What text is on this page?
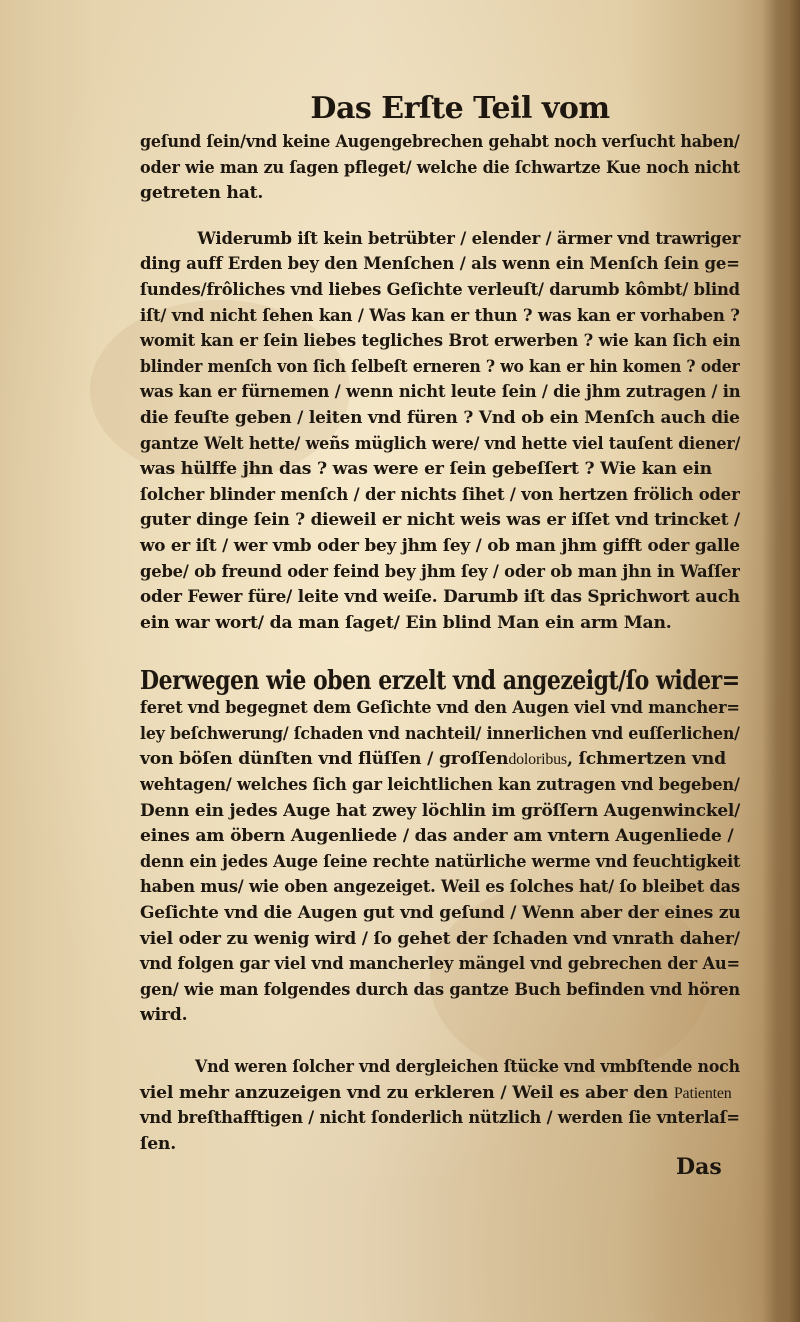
Das Erſte Teil vom

geſund ſein/vnd keine Augengebrechen gehabt noch verſucht haben/
oder wie man zu ſagen pfleget/ welche die ſchwartze Kue noch nicht
getreten hat.

Widerumb iſt kein betrübter / elender / ärmer vnd trawriger
ding auff Erden bey den Menſchen / als wenn ein Menſch ſein ge=
ſundes/frôliches vnd liebes Geſichte verleuſt/ darumb kômbt/ blind
iſt/ vnd nicht ſehen kan / Was kan er thun ? was kan er vorhaben ?
womit kan er ſein liebes tegliches Brot erwerben ? wie kan ſich ein
blinder menſch von ſich ſelbeſt erneren ? wo kan er hin komen ? oder
was kan er fürnemen / wenn nicht leute ſein / die jhm zutragen / in
die feuſte geben / leiten vnd füren ? Vnd ob ein Menſch auch die
gantze Welt hette/ weñs müglich were/ vnd hette viel tauſent diener/
was hülffe jhn das ? was were er ſein gebeſſert ? Wie kan ein
ſolcher blinder menſch / der nichts ſihet / von hertzen frölich oder
guter dinge ſein ? dieweil er nicht weis was er iſſet vnd trincket /
wo er iſt / wer vmb oder bey jhm ſey / ob man jhm gifft oder galle
gebe/ ob freund oder feind bey jhm ſey / oder ob man jhn in Waſſer
oder Fewer füre/ leite vnd weiſe. Darumb iſt das Sprichwort auch
ein war wort/ da man ſaget/ Ein blind Man ein arm Man.

Derwegen wie oben erzelt vnd angezeigt/ſo wider=
feret vnd begegnet dem Geſichte vnd den Augen viel vnd mancher=
ley beſchwerung/ ſchaden vnd nachteil/ innerlichen vnd euſſerlichen/
von böſen dünſten vnd flüſſen / groſſendoloribus, ſchmertzen vnd
wehtagen/ welches ſich gar leichtlichen kan zutragen vnd begeben/
Denn ein jedes Auge hat zwey löchlin im gröſſern Augenwinckel/
eines am öbern Augenliede / das ander am vntern Augenliede /
denn ein jedes Auge ſeine rechte natürliche werme vnd feuchtigkeit
haben mus/ wie oben angezeiget. Weil es ſolches hat/ ſo bleibet das
Geſichte vnd die Augen gut vnd geſund / Wenn aber der eines zu
viel oder zu wenig wird / ſo gehet der ſchaden vnd vnrath daher/
vnd folgen gar viel vnd mancherley mängel vnd gebrechen der Au=
gen/ wie man folgendes durch das gantze Buch befinden vnd hören
wird.

Vnd weren ſolcher vnd dergleichen ſtücke vnd vmbſtende noch
viel mehr anzuzeigen vnd zu erkleren / Weil es aber den Patienten
vnd breſthafftigen / nicht ſonderlich nützlich / werden ſie vnterlaſ=
ſen.

Das
